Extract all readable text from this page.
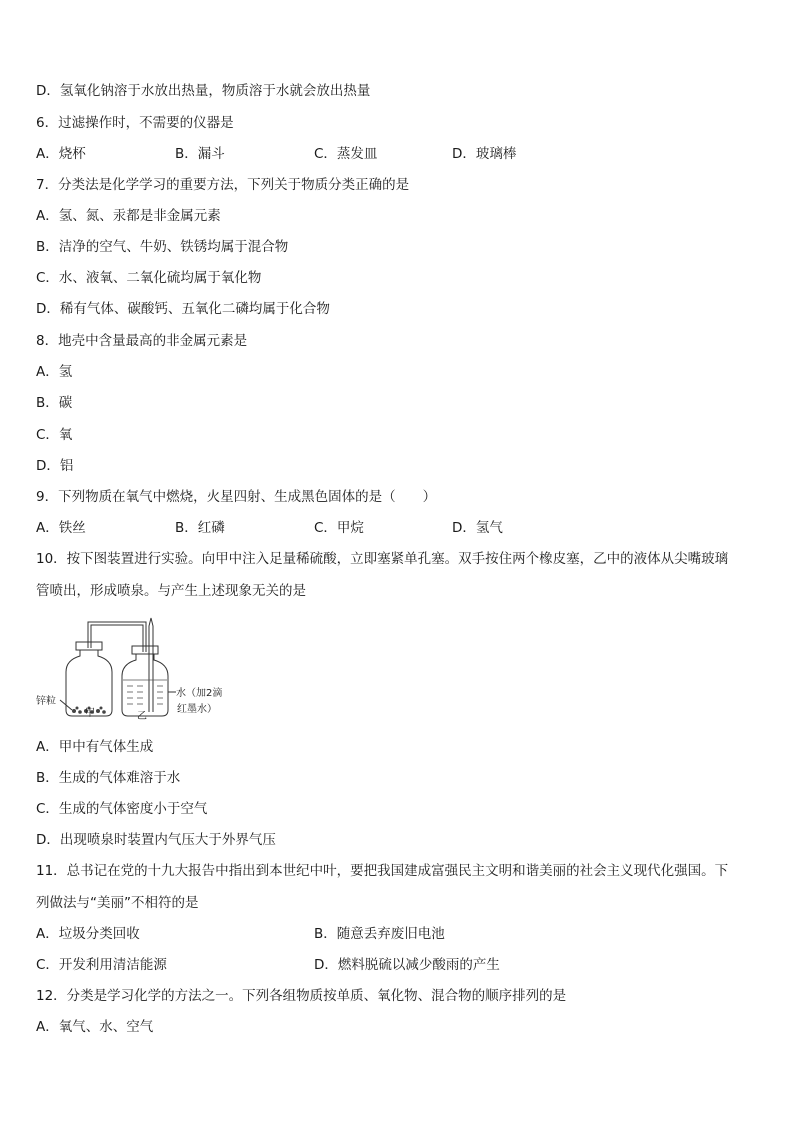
D．氢氧化钠溶于水放出热量，物质溶于水就会放出热量
6．过滤操作时，不需要的仪器是
A．烧杯	B．漏斗	C．蒸发皿	D．玻璃棒
7．分类法是化学学习的重要方法，下列关于物质分类正确的是
A．氢、氮、汞都是非金属元素
B．洁净的空气、牛奶、铁锈均属于混合物
C．水、液氧、二氧化硫均属于氧化物
D．稀有气体、碳酸钙、五氧化二磷均属于化合物
8．地壳中含量最高的非金属元素是
A．氢
B．碳
C．氧
D．铝
9．下列物质在氧气中燃烧，火星四射、生成黑色固体的是（　　）
A．铁丝	B．红磷	C．甲烷	D．氢气
10．按下图装置进行实验。向甲中注入足量稀硫酸，立即塞紧单孔塞。双手按住两个橡皮塞，乙中的液体从尖嘴玻璃
管喷出，形成喷泉。与产生上述现象无关的是
锌粒
甲	乙
水（加2滴
红墨水）
A．甲中有气体生成
B．生成的气体难溶于水
C．生成的气体密度小于空气
D．出现喷泉时装置内气压大于外界气压
11．总书记在党的十九大报告中指出到本世纪中叶，要把我国建成富强民主文明和谐美丽的社会主义现代化强国。下
列做法与“美丽”不相符的是
A．垃圾分类回收	B．随意丢弃废旧电池
C．开发利用清洁能源	D．燃料脱硫以减少酸雨的产生
12．分类是学习化学的方法之一。下列各组物质按单质、氧化物、混合物的顺序排列的是
A．氧气、水、空气
